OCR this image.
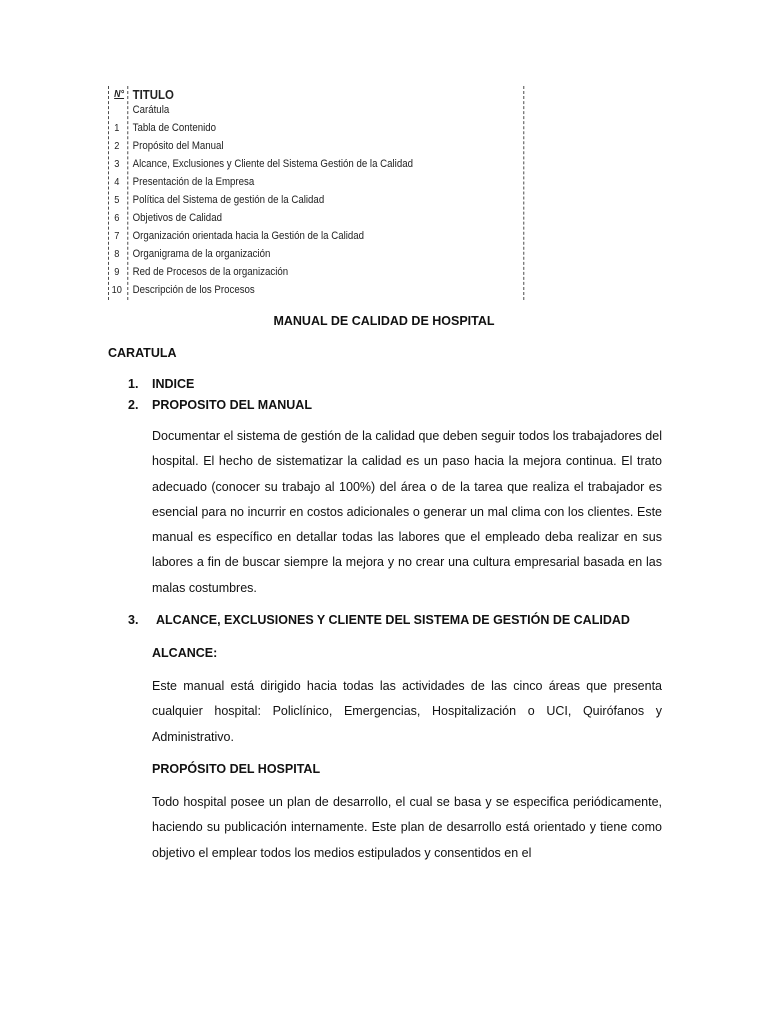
N° TITULO
Carátula
1	Tabla de Contenido
2	Propósito del Manual
3	Alcance, Exclusiones y Cliente del Sistema Gestión de la Calidad
4	Presentación de la Empresa
5	Política del Sistema de gestión de la Calidad
6	Objetivos de Calidad
7	Organización orientada hacia la Gestión de la Calidad
8	Organigrama de la organización
9	Red de Procesos de la organización
10 Descripción de los Procesos
MANUAL DE CALIDAD DE HOSPITAL
CARATULA
1. INDICE
2. PROPOSITO DEL MANUAL
Documentar el sistema de gestión de la calidad que deben seguir todos los trabajadores del hospital. El hecho de sistematizar la calidad es un paso hacia la mejora continua. El trato adecuado (conocer su trabajo al 100%) del área o de la tarea que realiza el trabajador es esencial para no incurrir en costos adicionales o generar un mal clima con los clientes. Este manual es específico en detallar todas las labores que el empleado deba realizar en sus labores a fin de buscar siempre la mejora y no crear una cultura empresarial basada en las malas costumbres.
3. ALCANCE, EXCLUSIONES Y CLIENTE DEL SISTEMA DE GESTIÓN DE CALIDAD
ALCANCE:
Este manual está dirigido hacia todas las actividades de las cinco áreas que presenta cualquier hospital: Policlínico, Emergencias, Hospitalización o UCI, Quirófanos y Administrativo.
PROPÓSITO DEL HOSPITAL
Todo hospital posee un plan de desarrollo, el cual se basa y se especifica periódicamente, haciendo su publicación internamente. Este plan de desarrollo está orientado y tiene como objetivo el emplear todos los medios estipulados y consentidos en el
